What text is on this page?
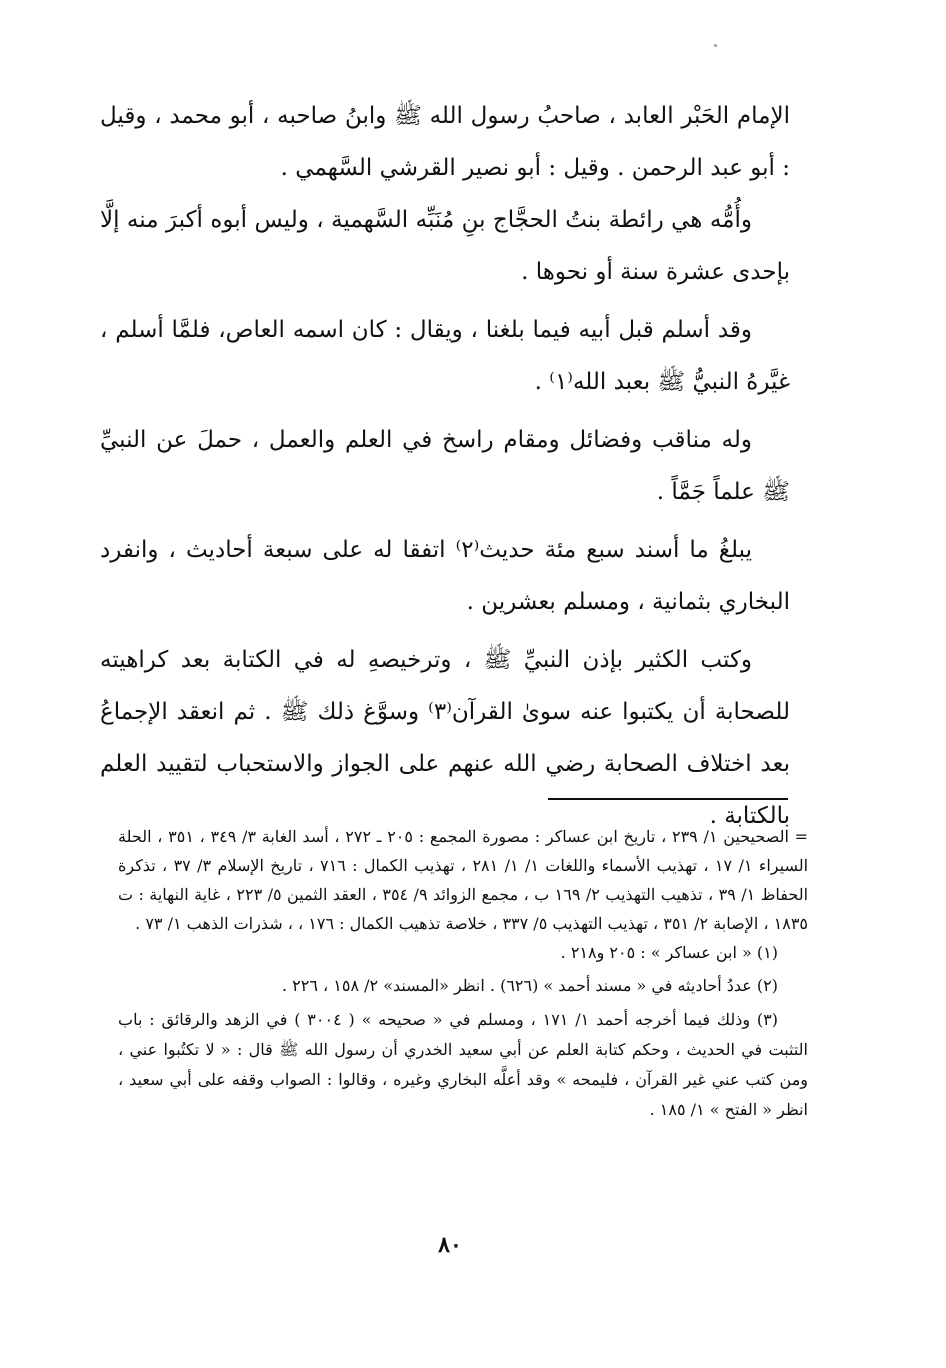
الإمام الحَبْر العابد ، صاحبُ رسول الله ﷺ وابنُ صاحبه ، أبو محمد ، وقيل : أبو عبد الرحمن . وقيل : أبو نصير القرشي السَّهمي .

وأُمُّه هي رائطة بنتُ الحجَّاج بنِ مُنَبِّه السَّهمية ، وليس أبوه أكبرَ منه إلَّا بإحدى عشرة سنة أو نحوها .

وقد أسلم قبل أبيه فيما بلغنا ، ويقال : كان اسمه العاص، فلمَّا أسلم ، غيَّرهُ النبيُّ ﷺ بعبد الله⁽١⁾ .

وله مناقب وفضائل ومقام راسخ في العلم والعمل ، حملَ عن النبيِّ ﷺ علماً جَمَّاً .

يبلغُ ما أسند سبع مئة حديث⁽٢⁾ اتفقا له على سبعة أحاديث ، وانفرد البخاري بثمانية ، ومسلم بعشرين .

وكتب الكثير بإذن النبيِّ ﷺ ، وترخيصهِ له في الكتابة بعد كراهيته للصحابة أن يكتبوا عنه سوىٰ القرآن⁽٣⁾ وسوَّغ ذلك ﷺ . ثم انعقد الإجماعُ بعد اختلاف الصحابة رضي الله عنهم على الجواز والاستحباب لتقييد العلم بالكتابة .

= الصحيحين ١/ ٢٣٩ ، تاريخ ابن عساكر : مصورة المجمع : ٢٠٥ ـ ٢٧٢ ، أسد الغابة ٣/ ٣٤٩ ، ٣٥١ ، الحلة السيراء ١/ ١٧ ، تهذيب الأسماء واللغات ١/ ١/ ٢٨١ ، تهذيب الكمال : ٧١٦ ، تاريخ الإسلام ٣/ ٣٧ ، تذكرة الحفاظ ١/ ٣٩ ، تذهيب التهذيب ٢/ ١٦٩ ب ، مجمع الزوائد ٩/ ٣٥٤ ، العقد الثمين ٥/ ٢٢٣ ، غاية النهاية : ت ١٨٣٥ ، الإصابة ٢/ ٣٥١ ، تهذيب التهذيب ٥/ ٣٣٧ ، خلاصة تذهيب الكمال : ١٧٦ ، ، شذرات الذهب ١/ ٧٣ .

(١) « ابن عساكر » : ٢٠٥ و٢١٨ .

(٢) عددُ أحاديثه في « مسند أحمد » (٦٢٦) . انظر «المسند» ٢/ ١٥٨ ، ٢٢٦ .

(٣) وذلك فيما أخرجه أحمد ١/ ١٧١ ، ومسلم في « صحيحه » ( ٣٠٠٤ ) في الزهد والرقائق : باب التثبت في الحديث ، وحكم كتابة العلم عن أبي سعيد الخدري أن رسول الله ﷺ قال : « لا تكتُبوا عني ، ومن كتب عني غير القرآن ، فليمحه » وقد أعلَّه البخاري وغيره ، وقالوا : الصواب وقفه على أبي سعيد ، انظر « الفتح » ١/ ١٨٥ .

٨٠
